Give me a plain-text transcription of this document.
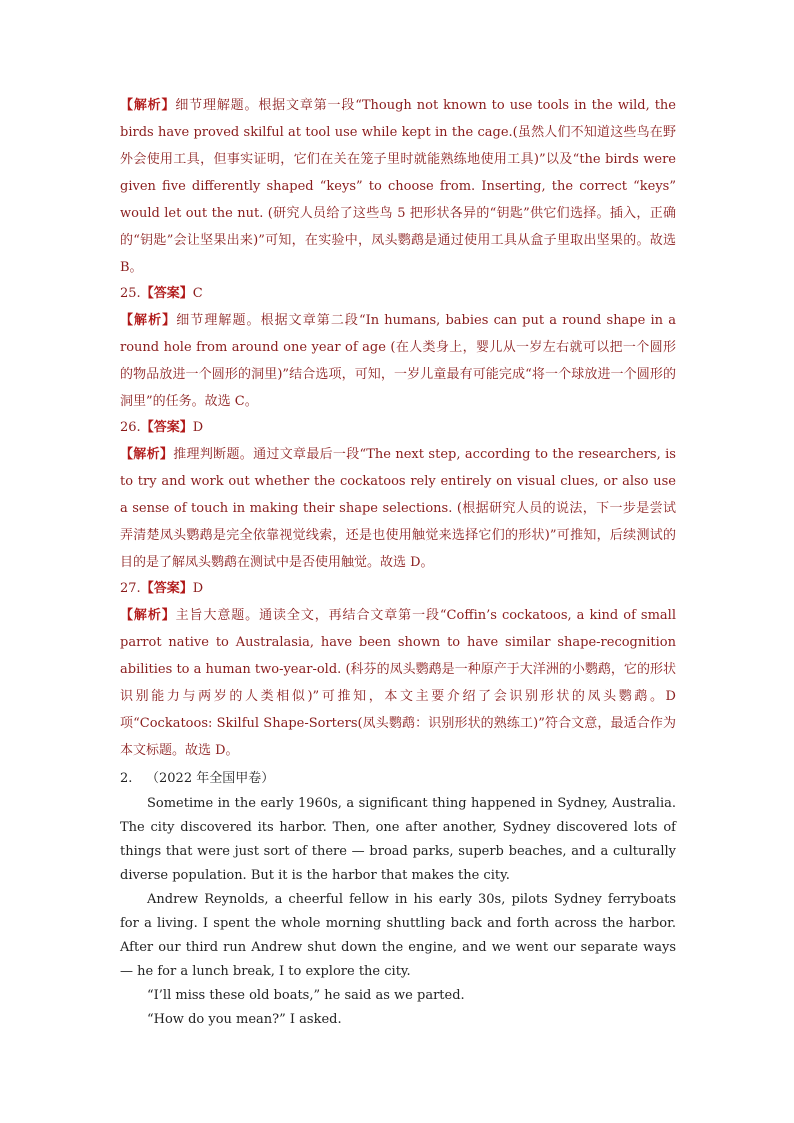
【解析】细节理解题。根据文章第一段“Though not known to use tools in the wild, the birds have proved skilful at tool use while kept in the cage.(虽然人们不知道这些鸟在野外会使用工具，但事实证明，它们在关在笼子里时就能熟练地使用工具)”以及“the birds were given five differently shaped “keys” to choose from. Inserting, the correct “keys” would let out the nut. (研究人员给了这些鸟 5 把形状各异的“钥匙”供它们选择。插入，正确的“钥匙”会让坚果出来)”可知，在实验中，凤头鹦鹉是通过使用工具从盒子里取出坚果的。故选 B。

25.【答案】C

【解析】细节理解题。根据文章第二段“In humans, babies can put a round shape in a round hole from around one year of age (在人类身上，婴儿从一岁左右就可以把一个圆形的物品放进一个圆形的洞里)”结合选项，可知，一岁儿童最有可能完成“将一个球放进一个圆形的洞里”的任务。故选 C。

26.【答案】D

【解析】推理判断题。通过文章最后一段“The next step, according to the researchers, is to try and work out whether the cockatoos rely entirely on visual clues, or also use a sense of touch in making their shape selections. (根据研究人员的说法，下一步是尝试弄清楚凤头鹦鹉是完全依靠视觉线索，还是也使用触觉来选择它们的形状)”可推知，后续测试的目的是了解凤头鹦鹉在测试中是否使用触觉。故选 D。

27.【答案】D

【解析】主旨大意题。通读全文，再结合文章第一段“Coffin’s cockatoos, a kind of small parrot native to Australasia, have been shown to have similar shape-recognition abilities to a human two-year-old. (科芬的凤头鹦鹉是一种原产于大洋洲的小鹦鹉，它的形状识别能力与两岁的人类相似)”可推知，本文主要介绍了会识别形状的凤头鹦鹉。D 项“Cockatoos: Skilful Shape-Sorters(凤头鹦鹉：识别形状的熟练工)”符合文意，最适合作为本文标题。故选 D。

2. （2022 年全国甲卷）

Sometime in the early 1960s, a significant thing happened in Sydney, Australia. The city discovered its harbor. Then, one after another, Sydney discovered lots of things that were just sort of there — broad parks, superb beaches, and a culturally diverse population. But it is the harbor that makes the city.

Andrew Reynolds, a cheerful fellow in his early 30s, pilots Sydney ferryboats for a living. I spent the whole morning shuttling back and forth across the harbor. After our third run Andrew shut down the engine, and we went our separate ways — he for a lunch break, I to explore the city.

“I’ll miss these old boats,” he said as we parted.

“How do you mean?” I asked.
